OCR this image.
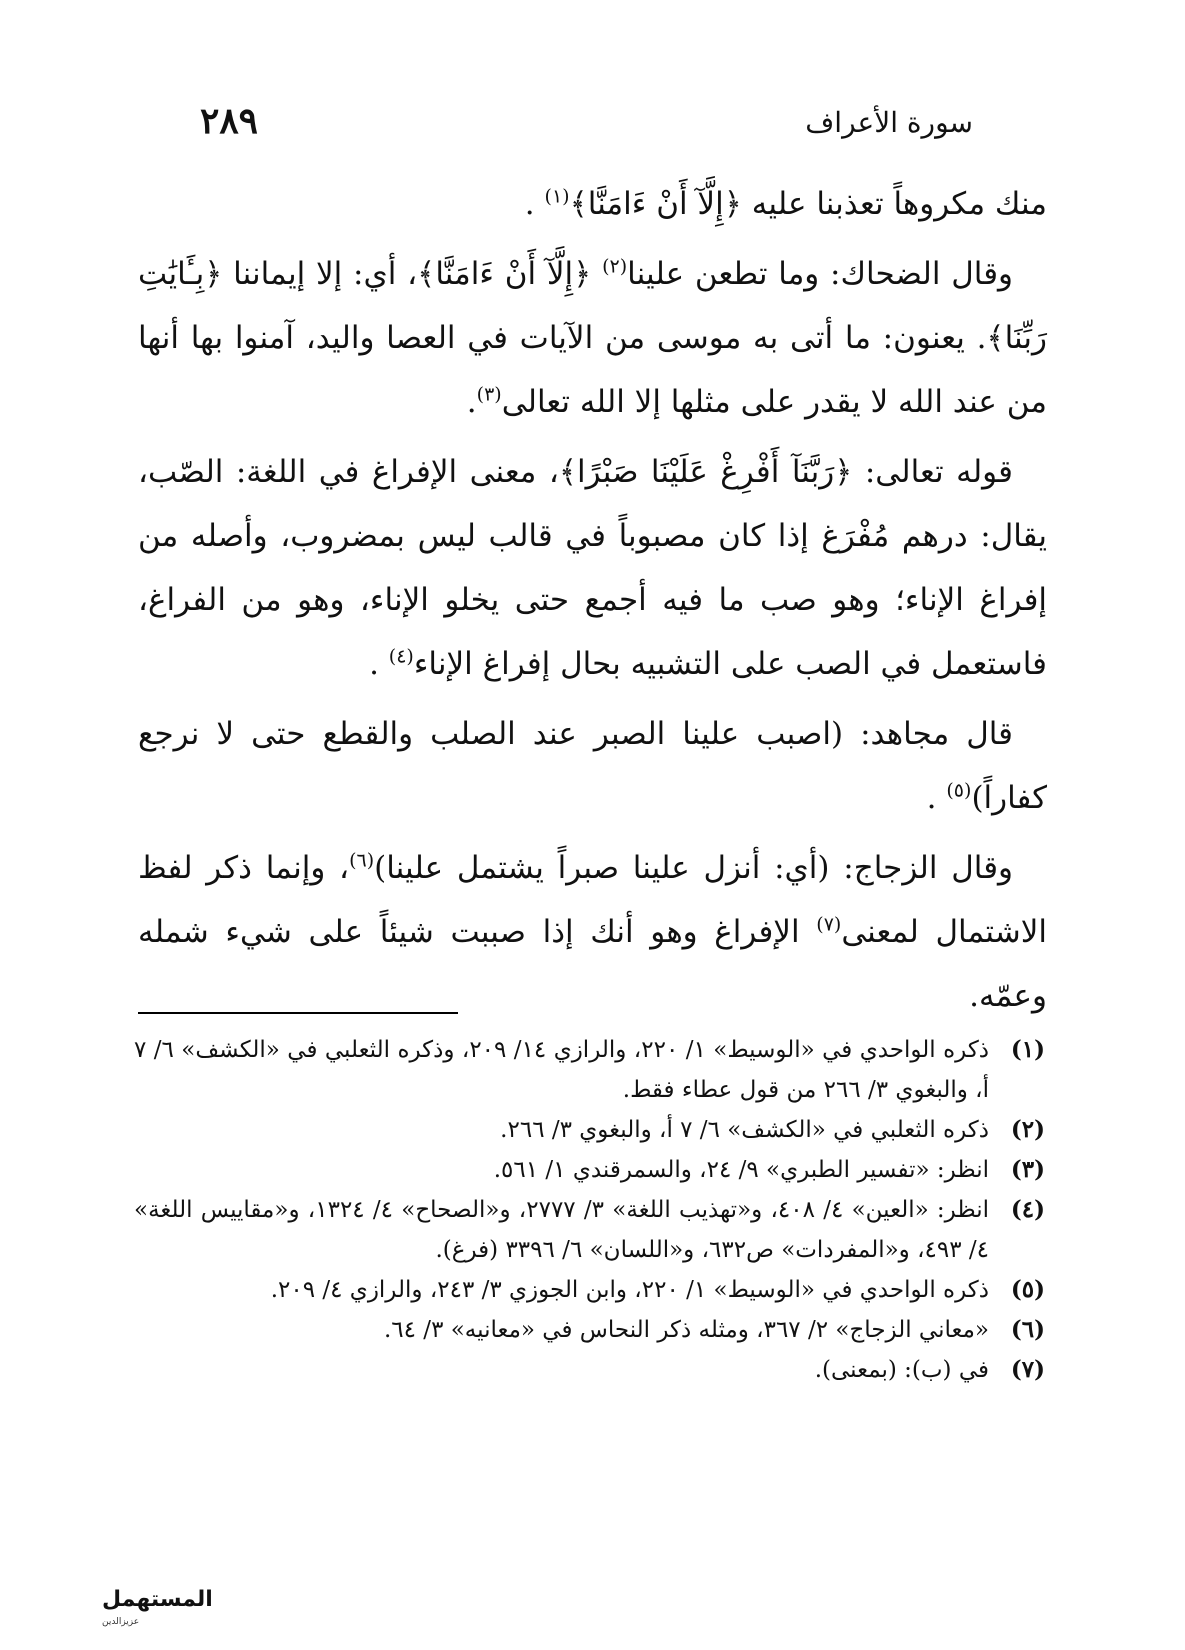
سورة الأعراف
٢٨٩

منك مكروهاً تعذبنا عليه ﴿إِلَّآ أَنْ ءَامَنَّا﴾$^{(١)}$ .

وقال الضحاك: وما تطعن علينا$^{(٢)}$ ﴿إِلَّآ أَنْ ءَامَنَّا﴾، أي: إلا إيماننا ﴿بِـَٔايَٰتِ رَبِّنَا﴾. يعنون: ما أتى به موسى من الآيات في العصا واليد، آمنوا بها أنها من عند الله لا يقدر على مثلها إلا الله تعالى$^{(٣)}$.

قوله تعالى: ﴿رَبَّنَآ أَفْرِغْ عَلَيْنَا صَبْرًا﴾، معنى الإفراغ في اللغة: الصّب، يقال: درهم مُفْرَغ إذا كان مصبوباً في قالب ليس بمضروب، وأصله من إفراغ الإناء؛ وهو صب ما فيه أجمع حتى يخلو الإناء، وهو من الفراغ، فاستعمل في الصب على التشبيه بحال إفراغ الإناء$^{(٤)}$ .

قال مجاهد: (اصبب علينا الصبر عند الصلب والقطع حتى لا نرجع كفاراً)$^{(٥)}$ .

وقال الزجاج: (أي: أنزل علينا صبراً يشتمل علينا)$^{(٦)}$، وإنما ذكر لفظ الاشتمال لمعنى$^{(٧)}$ الإفراغ وهو أنك إذا صببت شيئاً على شيء شمله وعمّه.

(١)
ذكره الواحدي في «الوسيط» ١/ ٢٢٠، والرازي ١٤/ ٢٠٩، وذكره الثعلبي في «الكشف» ٦/ ٧ أ، والبغوي ٣/ ٢٦٦ من قول عطاء فقط.
(٢)
ذكره الثعلبي في «الكشف» ٦/ ٧ أ، والبغوي ٣/ ٢٦٦.
(٣)
انظر: «تفسير الطبري» ٩/ ٢٤، والسمرقندي ١/ ٥٦١.
(٤)
انظر: «العين» ٤/ ٤٠٨، و«تهذيب اللغة» ٣/ ٢٧٧٧، و«الصحاح» ٤/ ١٣٢٤، و«مقاييس اللغة» ٤/ ٤٩٣، و«المفردات» ص٦٣٢، و«اللسان» ٦/ ٣٣٩٦ (فرغ).
(٥)
ذكره الواحدي في «الوسيط» ١/ ٢٢٠، وابن الجوزي ٣/ ٢٤٣، والرازي ٤/ ٢٠٩.
(٦)
«معاني الزجاج» ٢/ ٣٦٧، ومثله ذكر النحاس في «معانيه» ٣/ ٦٤.
(٧)
في (ب): (بمعنى).
المستهمل
عزيزالدين
